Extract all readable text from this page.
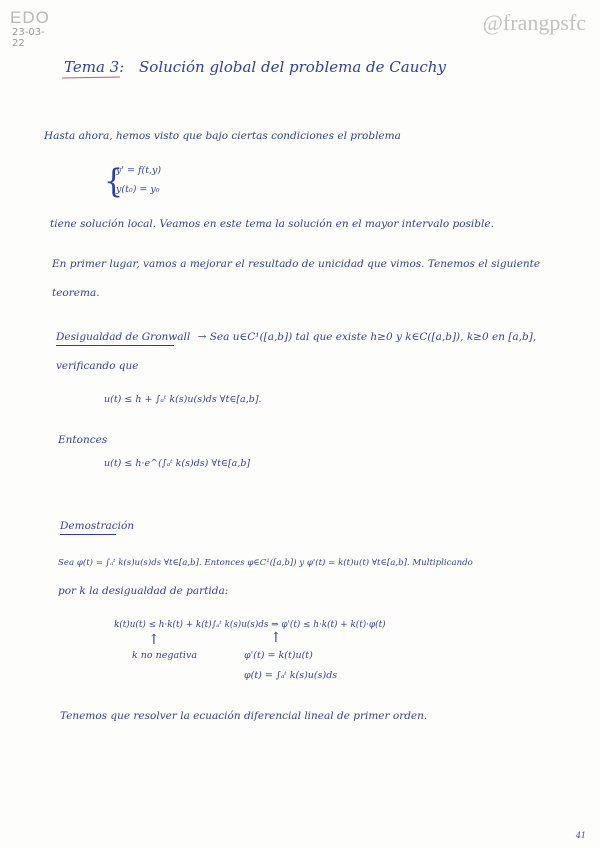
EDO
23-03-22
@frangpsfc
Tema 3: Solución global del problema de Cauchy
Hasta ahora, hemos visto que bajo ciertas condiciones el problema
{
y' = f(t,y)
y(t₀) = y₀
tiene solución local. Veamos en este tema la solución en el mayor intervalo posible.
En primer lugar, vamos a mejorar el resultado de unicidad que vimos. Tenemos el siguiente
teorema.
Desigualdad de Gronwall → Sea u∈C¹([a,b]) tal que existe h≥0 y k∈C([a,b]), k≥0 en [a,b],
verificando que
u(t) ≤ h + ∫ₐᵗ k(s)u(s)ds ∀t∈[a,b].
Entonces
u(t) ≤ h·e^(∫ₐᵗ k(s)ds) ∀t∈[a,b]
Demostración
Sea φ(t) = ∫ₐᵗ k(s)u(s)ds ∀t∈[a,b]. Entonces φ∈C¹([a,b]) y φ'(t) = k(t)u(t) ∀t∈[a,b]. Multiplicando
por k la desigualdad de partida:
k(t)u(t) ≤ h·k(t) + k(t)∫ₐᵗ k(s)u(s)ds ⇒ φ'(t) ≤ h·k(t) + k(t)·φ(t)
↑
k no negativa
↑
φ'(t) = k(t)u(t)
φ(t) = ∫ₐᵗ k(s)u(s)ds
Tenemos que resolver la ecuación diferencial lineal de primer orden.
41
